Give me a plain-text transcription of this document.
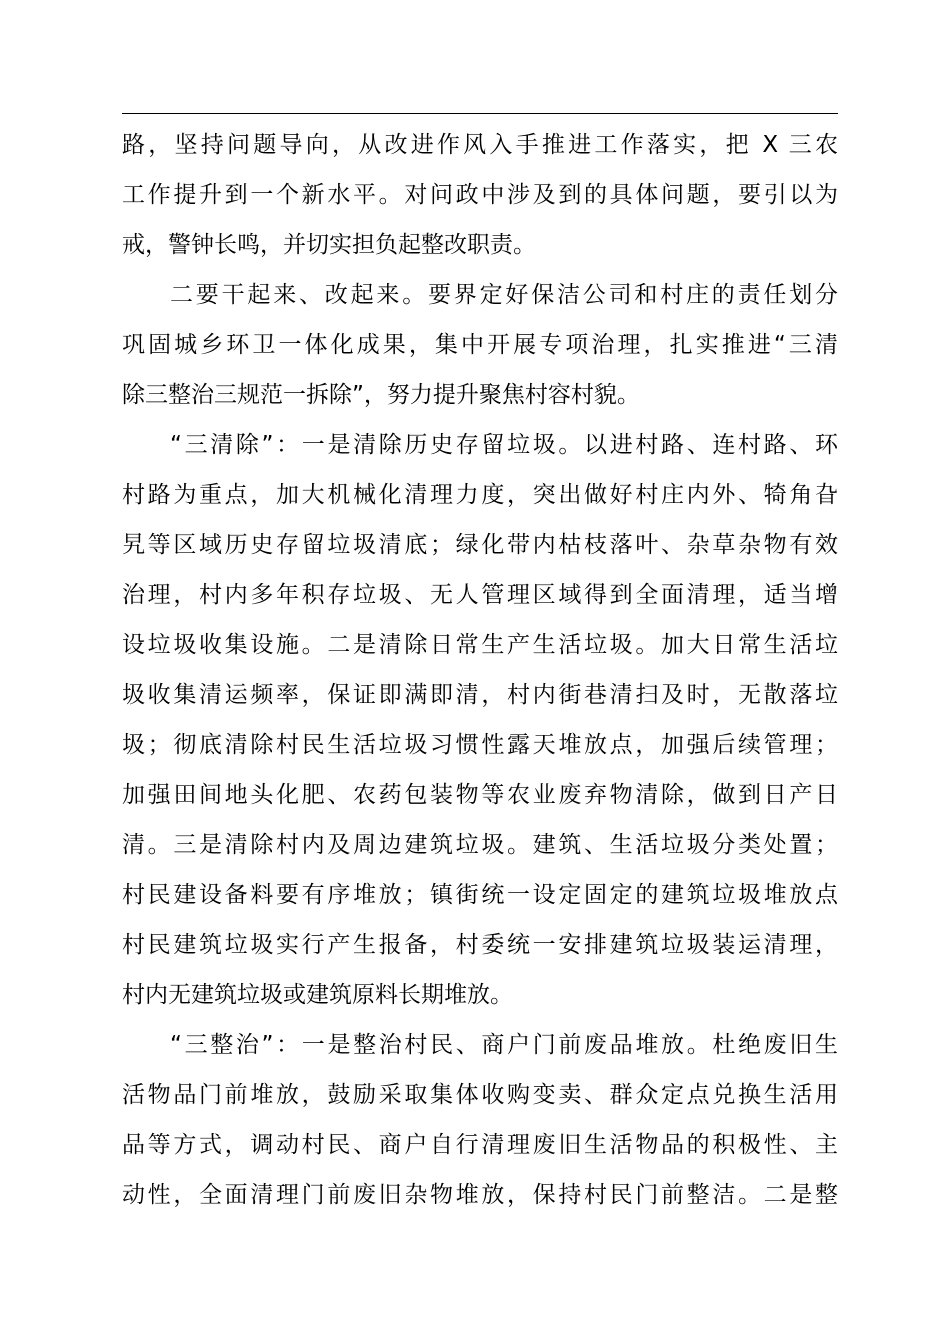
路，坚持问题导向，从改进作风入手推进工作落实，把 X 三农
工作提升到一个新水平。对问政中涉及到的具体问题，要引以为
戒，警钟长鸣，并切实担负起整改职责。
二要干起来、改起来。要界定好保洁公司和村庄的责任划分
巩固城乡环卫一体化成果，集中开展专项治理，扎实推进“三清
除三整治三规范一拆除”，努力提升聚焦村容村貌。
“三清除”：一是清除历史存留垃圾。以进村路、连村路、环
村路为重点，加大机械化清理力度，突出做好村庄内外、犄角旮
旯等区域历史存留垃圾清底；绿化带内枯枝落叶、杂草杂物有效
治理，村内多年积存垃圾、无人管理区域得到全面清理，适当增
设垃圾收集设施。二是清除日常生产生活垃圾。加大日常生活垃
圾收集清运频率，保证即满即清，村内街巷清扫及时，无散落垃
圾；彻底清除村民生活垃圾习惯性露天堆放点，加强后续管理；
加强田间地头化肥、农药包装物等农业废弃物清除，做到日产日
清。三是清除村内及周边建筑垃圾。建筑、生活垃圾分类处置；
村民建设备料要有序堆放；镇街统一设定固定的建筑垃圾堆放点
村民建筑垃圾实行产生报备，村委统一安排建筑垃圾装运清理，
村内无建筑垃圾或建筑原料长期堆放。
“三整治”：一是整治村民、商户门前废品堆放。杜绝废旧生
活物品门前堆放，鼓励采取集体收购变卖、群众定点兑换生活用
品等方式，调动村民、商户自行清理废旧生活物品的积极性、主
动性，全面清理门前废旧杂物堆放，保持村民门前整洁。二是整
